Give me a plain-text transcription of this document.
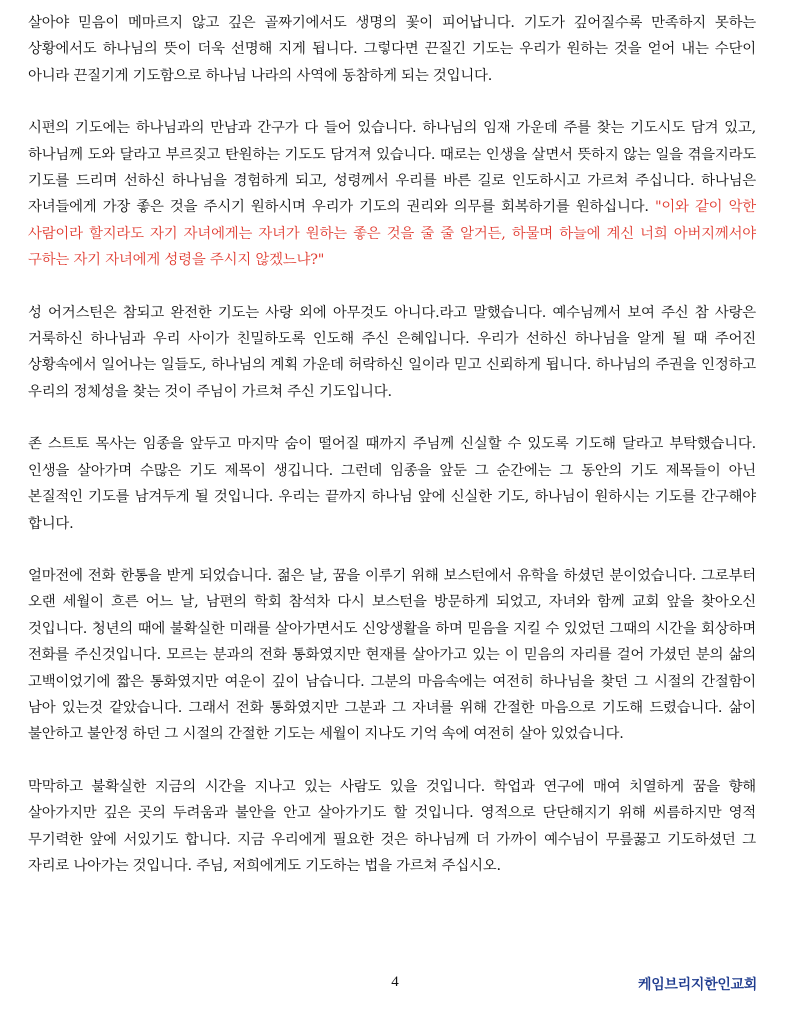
살아야 믿음이 메마르지 않고 깊은 골짜기에서도 생명의 꽃이 피어납니다. 기도가 깊어질수록 만족하지 못하는 상황에서도 하나님의 뜻이 더욱 선명해 지게 됩니다. 그렇다면 끈질긴 기도는 우리가 원하는 것을 얻어 내는 수단이 아니라 끈질기게 기도함으로 하나님 나라의 사역에 동참하게 되는 것입니다.

시편의 기도에는 하나님과의 만남과 간구가 다 들어 있습니다. 하나님의 임재 가운데 주를 찾는 기도시도 담겨 있고, 하나님께 도와 달라고 부르짖고 탄원하는 기도도 담겨져 있습니다. 때로는 인생을 살면서 뜻하지 않는 일을 겪을지라도 기도를 드리며 선하신 하나님을 경험하게 되고, 성령께서 우리를 바른 길로 인도하시고 가르쳐 주십니다. 하나님은 자녀들에게 가장 좋은 것을 주시기 원하시며 우리가 기도의 권리와 의무를 회복하기를 원하십니다. "이와 같이 악한 사람이라 할지라도 자기 자녀에게는 자녀가 원하는 좋은 것을 줄 줄 알거든, 하물며 하늘에 계신 너희 아버지께서야 구하는 자기 자녀에게 성령을 주시지 않겠느냐?"

성 어거스틴은 참되고 완전한 기도는 사랑 외에 아무것도 아니다.라고 말했습니다. 예수님께서 보여 주신 참 사랑은 거룩하신 하나님과 우리 사이가 친밀하도록 인도해 주신 은혜입니다. 우리가 선하신 하나님을 알게 될 때 주어진 상황속에서 일어나는 일들도, 하나님의 계획 가운데 허락하신 일이라 믿고 신뢰하게 됩니다. 하나님의 주권을 인정하고 우리의 정체성을 찾는 것이 주님이 가르쳐 주신 기도입니다.

존 스트토 목사는 임종을 앞두고 마지막 숨이 떨어질 때까지 주님께 신실할 수 있도록 기도해 달라고 부탁했습니다. 인생을 살아가며 수많은 기도 제목이 생깁니다. 그런데 임종을 앞둔 그 순간에는 그 동안의 기도 제목들이 아닌 본질적인 기도를 남겨두게 될 것입니다. 우리는 끝까지 하나님 앞에 신실한 기도, 하나님이 원하시는 기도를 간구해야 합니다.

얼마전에 전화 한통을 받게 되었습니다. 젊은 날, 꿈을 이루기 위해 보스턴에서 유학을 하셨던 분이었습니다. 그로부터 오랜 세월이 흐른 어느 날, 남편의 학회 참석차 다시 보스턴을 방문하게 되었고, 자녀와 함께 교회 앞을 찾아오신 것입니다. 청년의 때에 불확실한 미래를 살아가면서도 신앙생활을 하며 믿음을 지킬 수 있었던 그때의 시간을 회상하며 전화를 주신것입니다. 모르는 분과의 전화 통화였지만 현재를 살아가고 있는 이 믿음의 자리를 걸어 가셨던 분의 삶의 고백이었기에 짧은 통화였지만 여운이 깊이 남습니다. 그분의 마음속에는 여전히 하나님을 찾던 그 시절의 간절함이 남아 있는것 같았습니다. 그래서 전화 통화였지만 그분과 그 자녀를 위해 간절한 마음으로 기도해 드렸습니다. 삶이 불안하고 불안정 하던 그 시절의 간절한 기도는 세월이 지나도 기억 속에 여전히 살아 있었습니다.

막막하고 불확실한 지금의 시간을 지나고 있는 사람도 있을 것입니다. 학업과 연구에 매여 치열하게 꿈을 향해 살아가지만 깊은 곳의 두려움과 불안을 안고 살아가기도 할 것입니다. 영적으로 단단해지기 위해 씨름하지만 영적 무기력한 앞에 서있기도 합니다. 지금 우리에게 필요한 것은 하나님께 더 가까이 예수님이 무릎꿇고 기도하셨던 그 자리로 나아가는 것입니다. 주님, 저희에게도 기도하는 법을 가르쳐 주십시오.

4	케임브리지한인교회
